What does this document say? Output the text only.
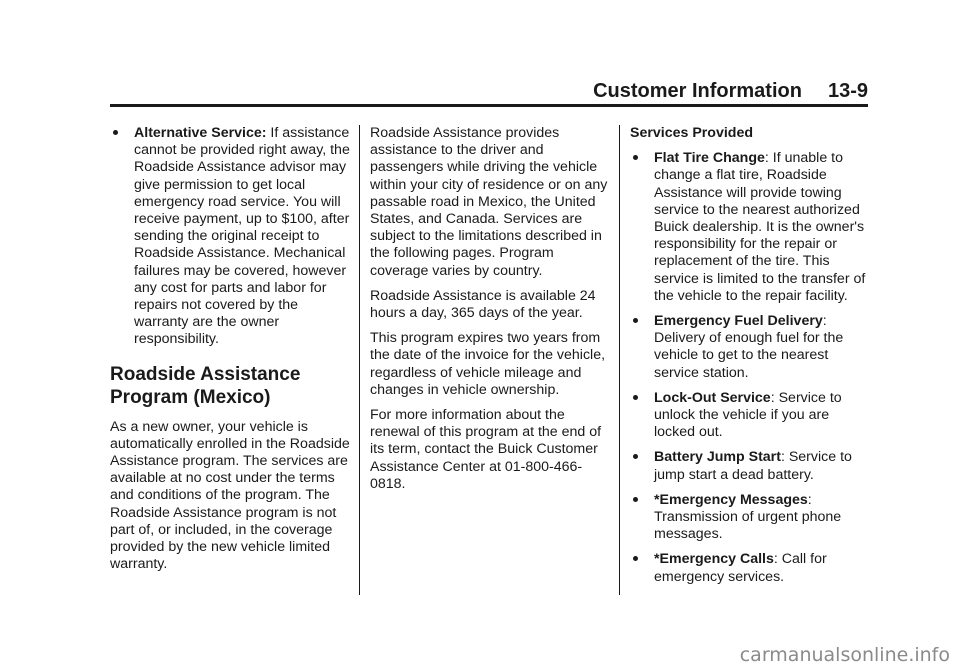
Customer Information 13-9
Alternative Service: If assistance cannot be provided right away, the Roadside Assistance advisor may give permission to get local emergency road service. You will receive payment, up to $100, after sending the original receipt to Roadside Assistance. Mechanical failures may be covered, however any cost for parts and labor for repairs not covered by the warranty are the owner responsibility.
Roadside Assistance Program (Mexico)

As a new owner, your vehicle is automatically enrolled in the Roadside Assistance program. The services are available at no cost under the terms and conditions of the program. The Roadside Assistance program is not part of, or included, in the coverage provided by the new vehicle limited warranty.

Roadside Assistance provides assistance to the driver and passengers while driving the vehicle within your city of residence or on any passable road in Mexico, the United States, and Canada. Services are subject to the limitations described in the following pages. Program coverage varies by country.

Roadside Assistance is available 24 hours a day, 365 days of the year.

This program expires two years from the date of the invoice for the vehicle, regardless of vehicle mileage and changes in vehicle ownership.

For more information about the renewal of this program at the end of its term, contact the Buick Customer Assistance Center at 01-800-466-0818.

Services Provided

Flat Tire Change: If unable to change a flat tire, Roadside Assistance will provide towing service to the nearest authorized Buick dealership. It is the owner's responsibility for the repair or replacement of the tire. This service is limited to the transfer of the vehicle to the repair facility.
Emergency Fuel Delivery: Delivery of enough fuel for the vehicle to get to the nearest service station.
Lock-Out Service: Service to unlock the vehicle if you are locked out.
Battery Jump Start: Service to jump start a dead battery.
*Emergency Messages: Transmission of urgent phone messages.
*Emergency Calls: Call for emergency services.
carmanualsonline.info
